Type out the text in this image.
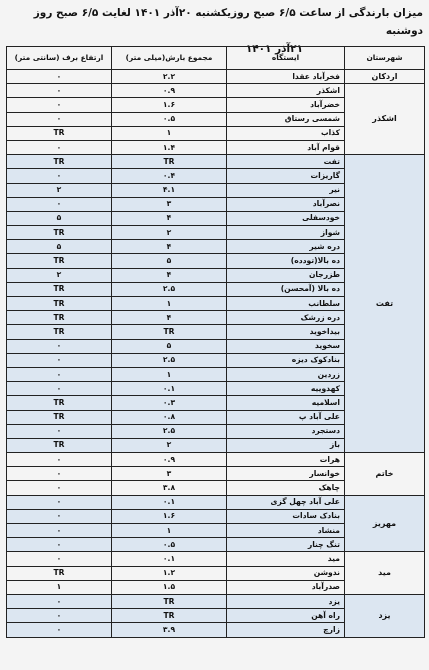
میزان بارندگی از ساعت ۶/۵ صبح روزیکشنبه ۲۰آذر ۱۴۰۱ لغایت ۶/۵ صبح روز دوشنبه
۲۱آذر ۱۴۰۱
شهرستان	ایستگاه	مجموع بارش(میلی متر)	ارتفاع برف (سانتی متر)
اردکان	فخرآباد عقدا	۲.۲	۰
اشکذر	اشکذر	۰.۹	۰
	خضرآباد	۱.۶	۰
	شمسی رستاق	۰.۵	۰
	کذاب	۱	TR
	قوام آباد	۱.۴	۰
تفت	تفت	TR	TR
	گاریزات	۰.۴	۰
	نیر	۴.۱	۲
	نصرآباد	۳	۰
	خودسفلی	۴	۵
	شواز	۲	TR
	دره شیر	۴	۵
	ده بالا(تودده)	۵	TR
	طزرجان	۴	۲
	ده بالا (آمحسن)	۲.۵	TR
	سلطانب	۱	TR
	دره زرشک	۴	TR
	بیداخوید	TR	TR
	سخوید	۵	۰
	بنادکوک دیزه	۲.۵	۰
	زردین	۱	۰
	کهدوییه	۰.۱	۰
	اسلامیه	۰.۳	TR
	علی آباد پ	۰.۸	TR
	دستجرد	۲.۵	۰
	باز	۲	TR
خاتم	هرات	۰.۹	۰
	خوانسار	۳	۰
	چاهک	۳.۸	۰
مهریز	علی آباد چهل گزی	۰.۱	۰
	بنادک سادات	۱.۶	۰
	منشاد	۱	۰
	تنگ چنار	۰.۵	۰
مید	مید	۰.۱	۰
	ندوشن	۱.۲	TR
	صدرآباد	۱.۵	۱
یزد	یزد	TR	۰
	راه آهن	TR	۰
	زارچ	۳.۹	۰
